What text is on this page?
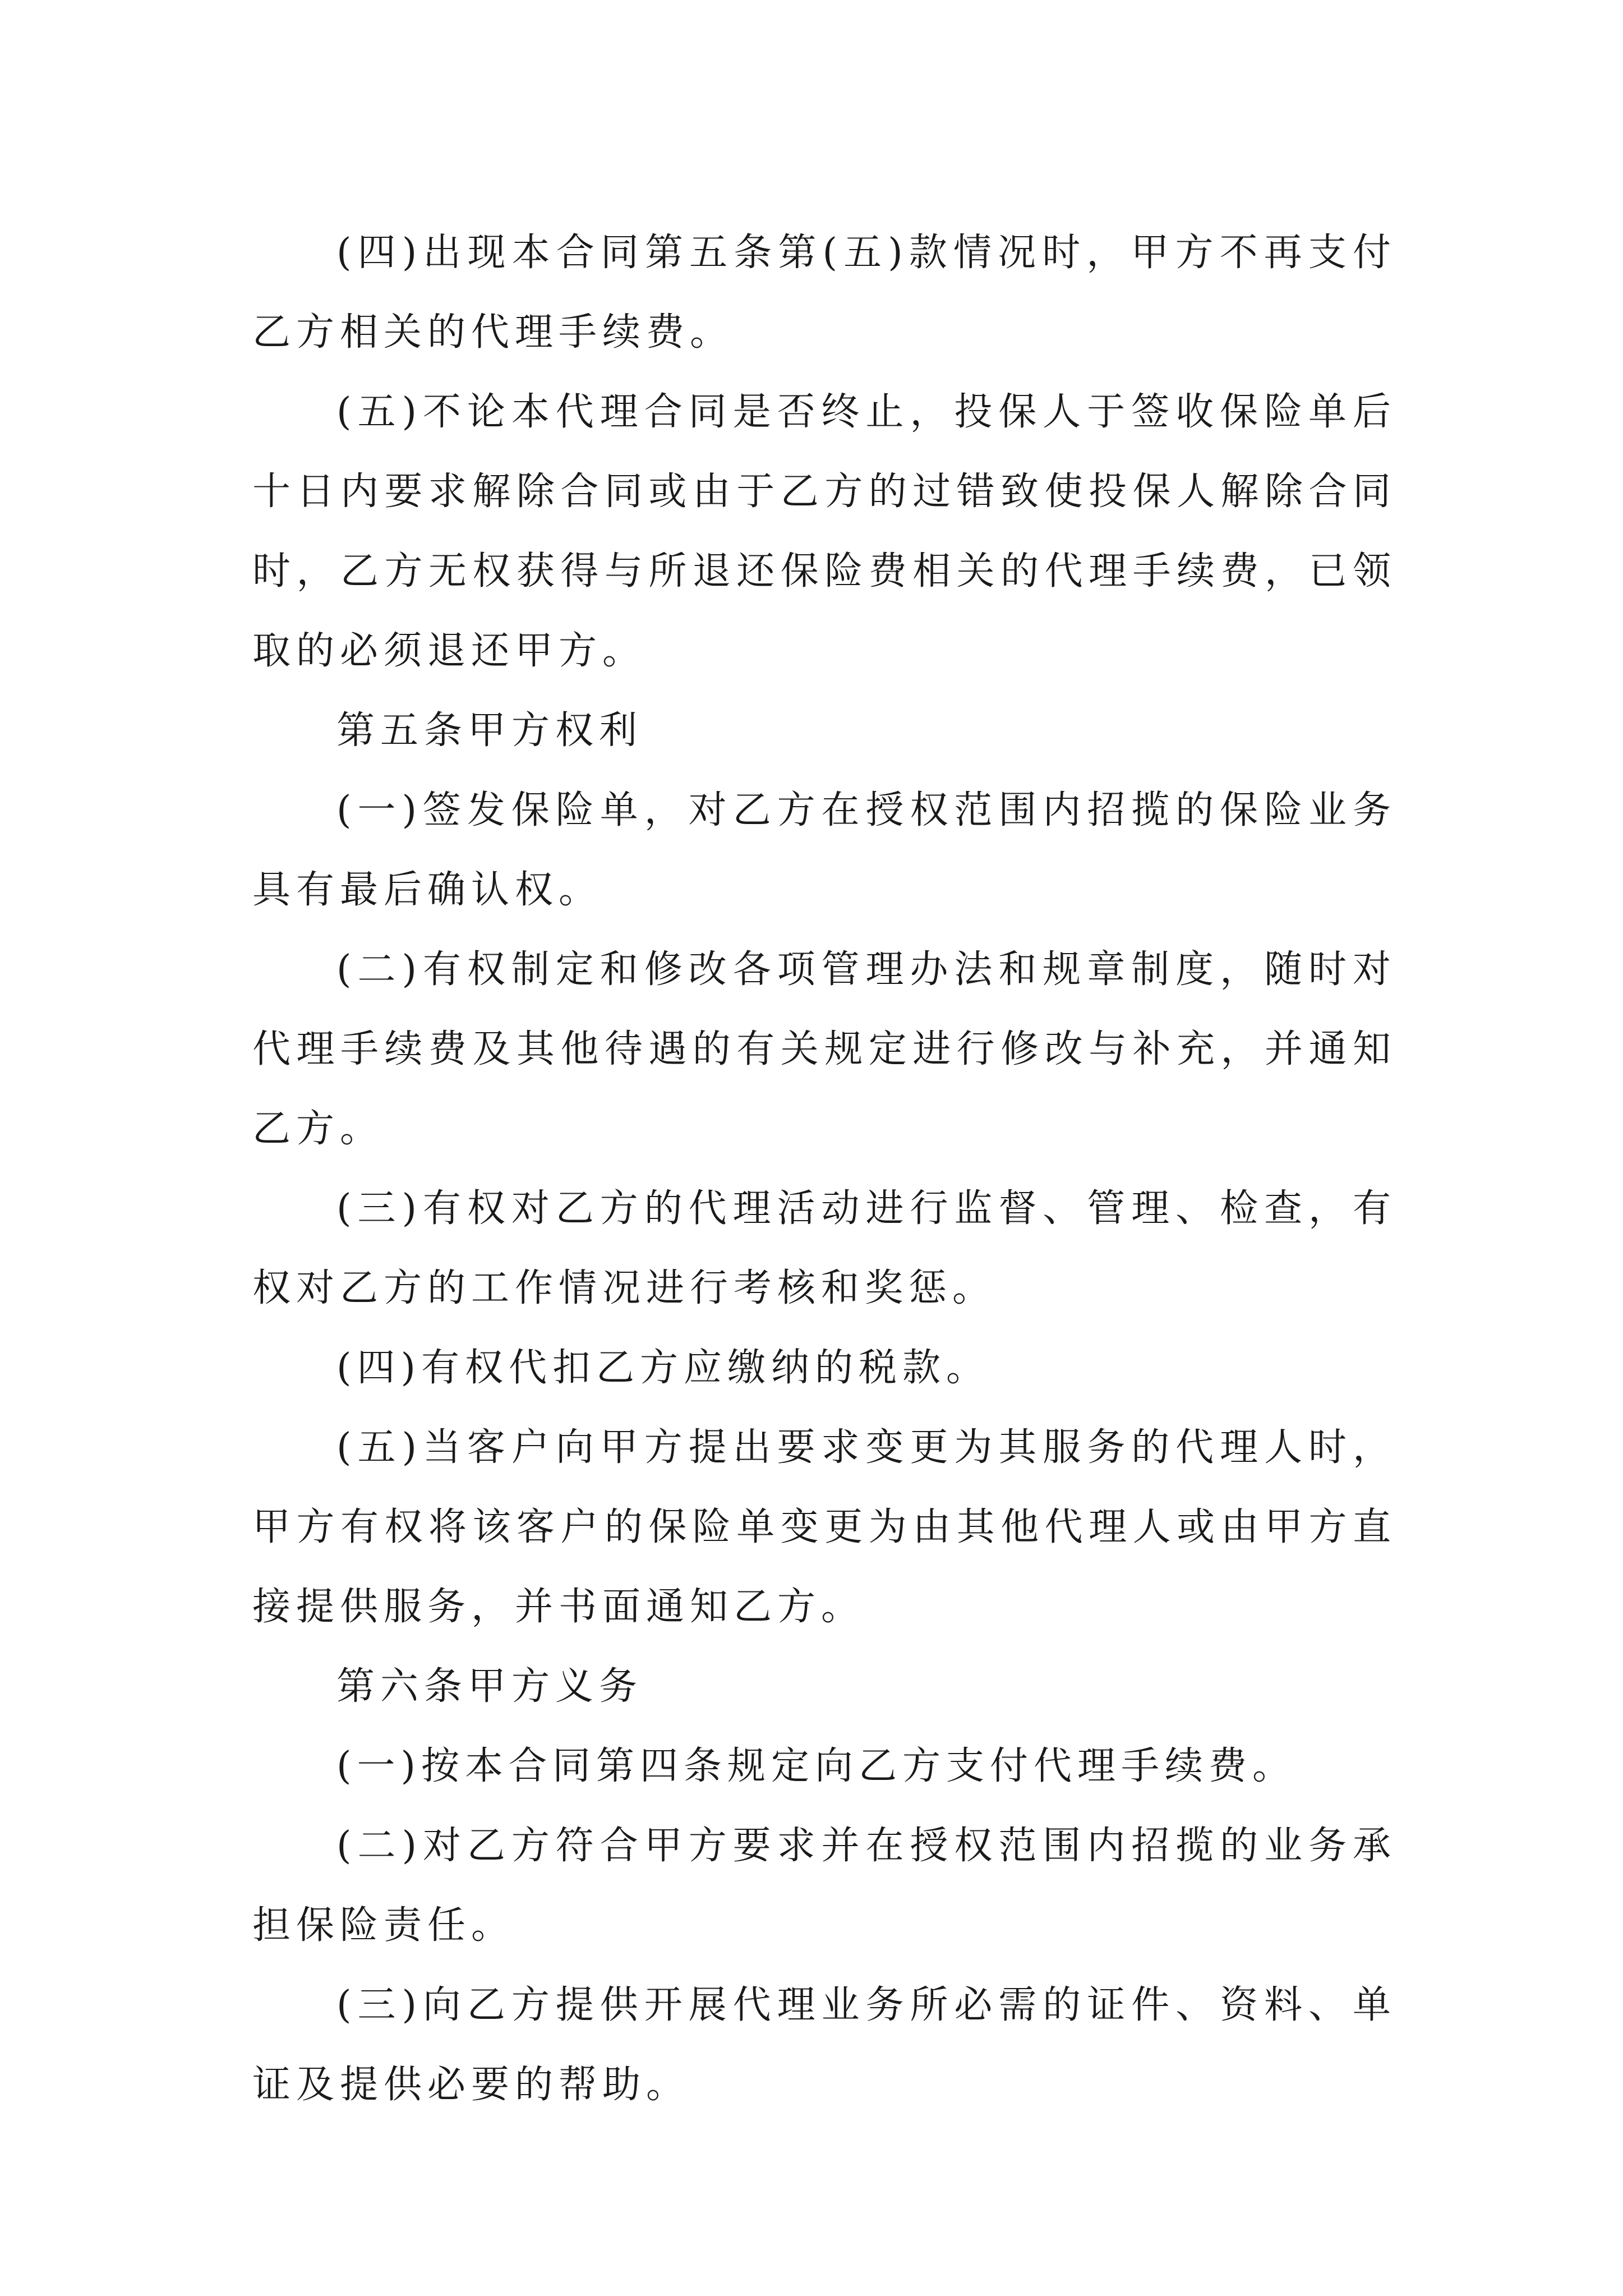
(四)出现本合同第五条第(五)款情况时，甲方不再支付乙方相关的代理手续费。

(五)不论本代理合同是否终止，投保人于签收保险单后十日内要求解除合同或由于乙方的过错致使投保人解除合同时，乙方无权获得与所退还保险费相关的代理手续费，已领取的必须退还甲方。

第五条甲方权利

(一)签发保险单，对乙方在授权范围内招揽的保险业务具有最后确认权。

(二)有权制定和修改各项管理办法和规章制度，随时对代理手续费及其他待遇的有关规定进行修改与补充，并通知乙方。

(三)有权对乙方的代理活动进行监督、管理、检查，有权对乙方的工作情况进行考核和奖惩。

(四)有权代扣乙方应缴纳的税款。

(五)当客户向甲方提出要求变更为其服务的代理人时，甲方有权将该客户的保险单变更为由其他代理人或由甲方直接提供服务，并书面通知乙方。

第六条甲方义务

(一)按本合同第四条规定向乙方支付代理手续费。

(二)对乙方符合甲方要求并在授权范围内招揽的业务承担保险责任。

(三)向乙方提供开展代理业务所必需的证件、资料、单证及提供必要的帮助。
